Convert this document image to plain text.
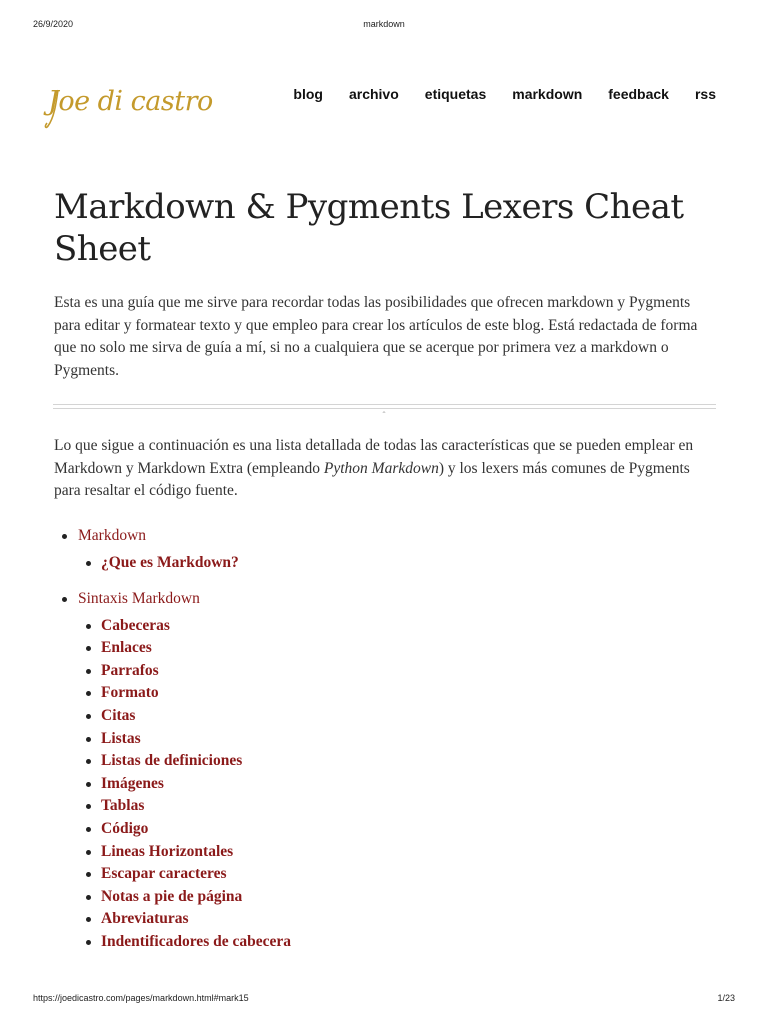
26/9/2020	markdown
Joe di castro	blog archivo etiquetas markdown feedback rss
Markdown & Pygments Lexers Cheat Sheet

Esta es una guía que me sirve para recordar todas las posibilidades que ofrecen markdown y Pygments para editar y formatear texto y que empleo para crear los artículos de este blog. Está redactada de forma que no solo me sirva de guía a mí, si no a cualquiera que se acerque por primera vez a markdown o Pygments.

ꞈ

Lo que sigue a continuación es una lista detallada de todas las características que se pueden emplear en Markdown y Markdown Extra (empleando Python Markdown) y los lexers más comunes de Pygments para resaltar el código fuente.

Markdown
¿Que es Markdown?
Sintaxis Markdown
Cabeceras
Enlaces
Parrafos
Formato
Citas
Listas
Listas de definiciones
Imágenes
Tablas
Código
Lineas Horizontales
Escapar caracteres
Notas a pie de página
Abreviaturas
Indentificadores de cabecera
https://joedicastro.com/pages/markdown.html#mark15	1/23
